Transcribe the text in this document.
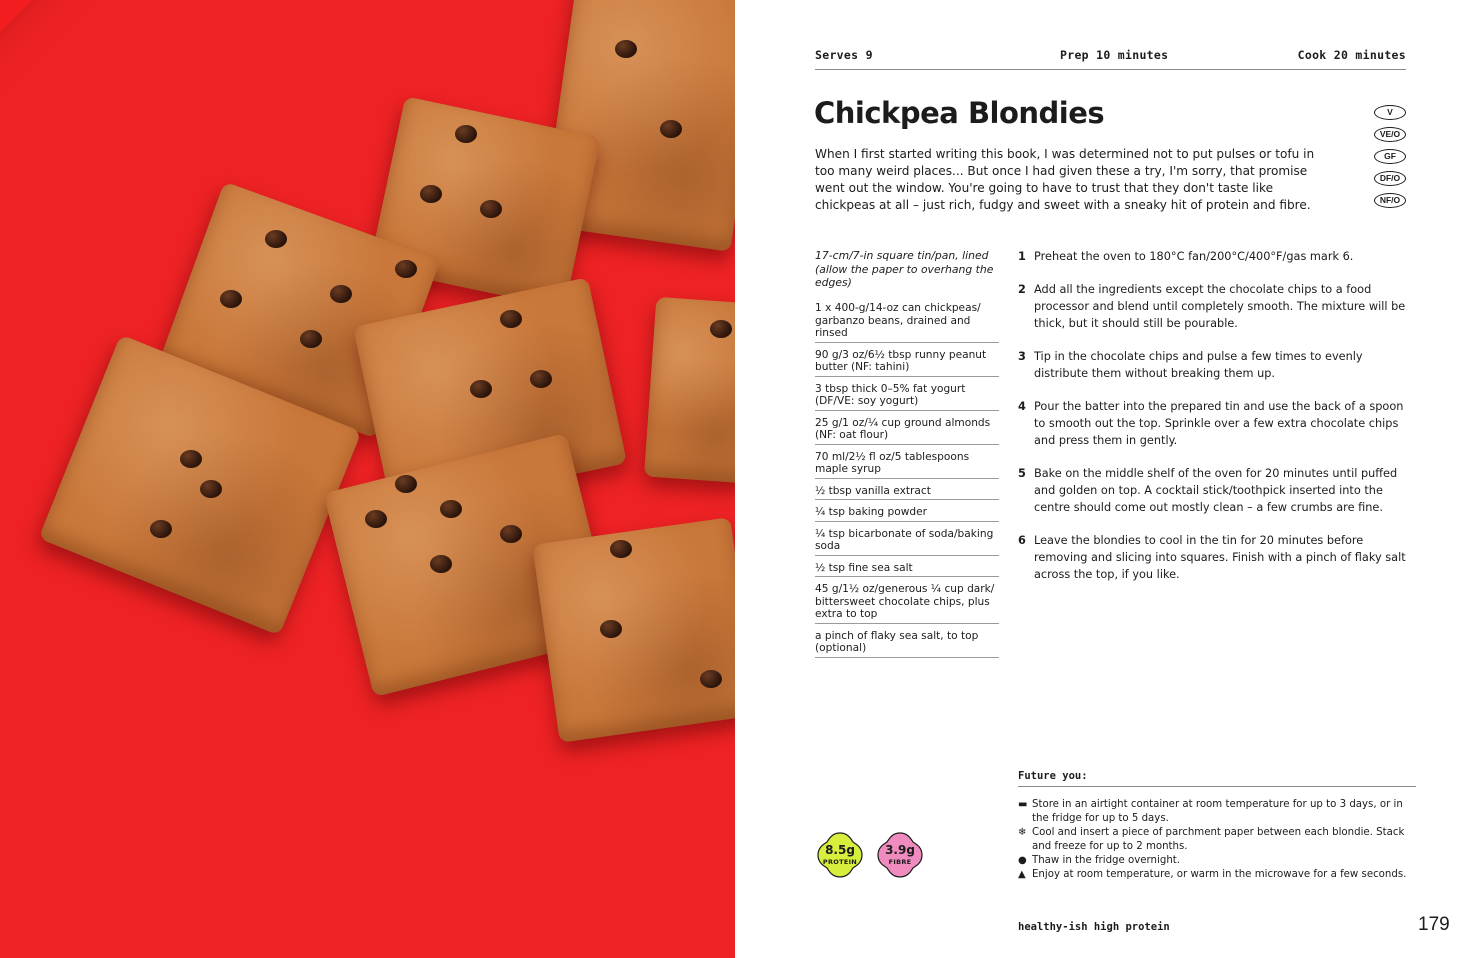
Serves 9	Prep 10 minutes	Cook 20 minutes
Chickpea Blondies

When I first started writing this book, I was determined not to put pulses or tofu in too many weird places... But once I had given these a try, I'm sorry, that promise went out the window. You're going to have to trust that they don't taste like chickpeas at all – just rich, fudgy and sweet with a sneaky hit of protein and fibre.

V
VE/O
GF
DF/O
NF/O

17-cm/7-in square tin/pan, lined (allow the paper to overhang the edges)

1 x 400-g/14-oz can chickpeas/ garbanzo beans, drained and rinsed
90 g/3 oz/6½ tbsp runny peanut butter (NF: tahini)
3 tbsp thick 0–5% fat yogurt (DF/VE: soy yogurt)
25 g/1 oz/¼ cup ground almonds (NF: oat flour)
70 ml/2½ fl oz/5 tablespoons maple syrup
½ tbsp vanilla extract
¼ tsp baking powder
¼ tsp bicarbonate of soda/baking soda
½ tsp fine sea salt
45 g/1½ oz/generous ¼ cup dark/ bittersweet chocolate chips, plus extra to top
a pinch of flaky sea salt, to top (optional)
1 Preheat the oven to 180°C fan/200°C/400°F/gas mark 6.
2 Add all the ingredients except the chocolate chips to a food processor and blend until completely smooth. The mixture will be thick, but it should still be pourable.
3 Tip in the chocolate chips and pulse a few times to evenly distribute them without breaking them up.
4 Pour the batter into the prepared tin and use the back of a spoon to smooth out the top. Sprinkle over a few extra chocolate chips and press them in gently.
5 Bake on the middle shelf of the oven for 20 minutes until puffed and golden on top. A cocktail stick/toothpick inserted into the centre should come out mostly clean – a few crumbs are fine.
6 Leave the blondies to cool in the tin for 20 minutes before removing and slicing into squares. Finish with a pinch of flaky salt across the top, if you like.
Future you:
▬ Store in an airtight container at room temperature for up to 3 days, or in the fridge for up to 5 days.
❄ Cool and insert a piece of parchment paper between each blondie. Stack and freeze for up to 2 months.
● Thaw in the fridge overnight.
▲ Enjoy at room temperature, or warm in the microwave for a few seconds.
8.5g
PROTEIN
3.9g
FIBRE
healthy-ish high protein	179
